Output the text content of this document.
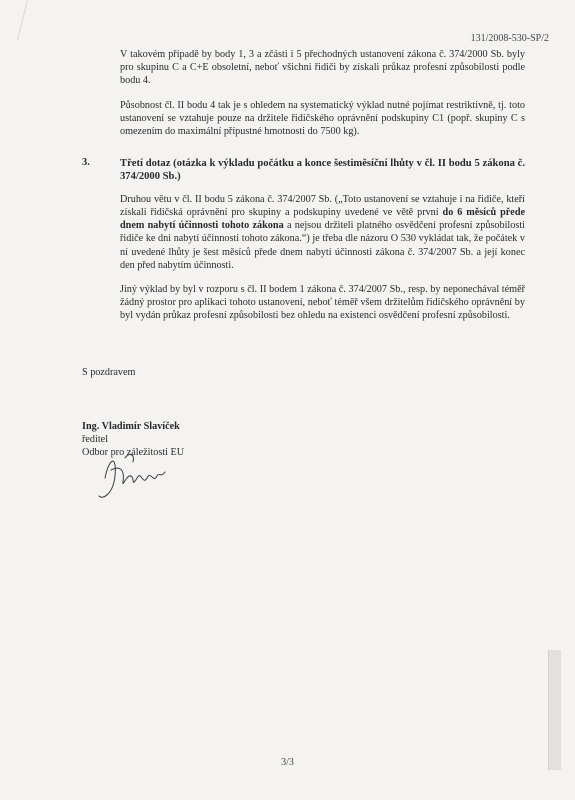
131/2008-530-SP/2

V takovém případě by body 1, 3 a zčásti i 5 přechodných ustanovení zákona č. 374/2000 Sb. byly pro skupinu C a C+E obsoletní, neboť všichni řidiči by získali průkaz profesní způsobilosti podle bodu 4.

Působnost čl. II bodu 4 tak je s ohledem na systematický výklad nutné pojímat restriktivně, tj. toto ustanovení se vztahuje pouze na držitele řidičského oprávnění podskupiny C1 (popř. skupiny C s omezením do maximální přípustné hmotnosti do 7500 kg).

3.	Třetí dotaz (otázka k výkladu počátku a konce šestiměsíční lhůty v čl. II bodu 5 zákona č. 374/2000 Sb.)

Druhou větu v čl. II bodu 5 zákona č. 374/2007 Sb. („Toto ustanovení se vztahuje i na řidiče, kteří získali řidičská oprávnění pro skupiny a podskupiny uvedené ve větě první do 6 měsíců přede dnem nabytí účinnosti tohoto zákona a nejsou držiteli platného osvědčení profesní způsobilosti řidiče ke dni nabytí účinnosti tohoto zákona.“) je třeba dle názoru O 530 vykládat tak, že počátek v ní uvedené lhůty je šest měsíců přede dnem nabytí účinnosti zákona č. 374/2007 Sb. a její konec den před nabytím účinnosti.

Jiný výklad by byl v rozporu s čl. II bodem 1 zákona č. 374/2007 Sb., resp. by neponechával téměř žádný prostor pro aplikaci tohoto ustanovení, neboť téměř všem držitelům řidičského oprávnění by byl vydán průkaz profesní způsobilosti bez ohledu na existenci osvědčení profesní způsobilosti.

S pozdravem
Ing. Vladimír Slavíček
ředitel
Odbor pro záležitosti EU
3/3
